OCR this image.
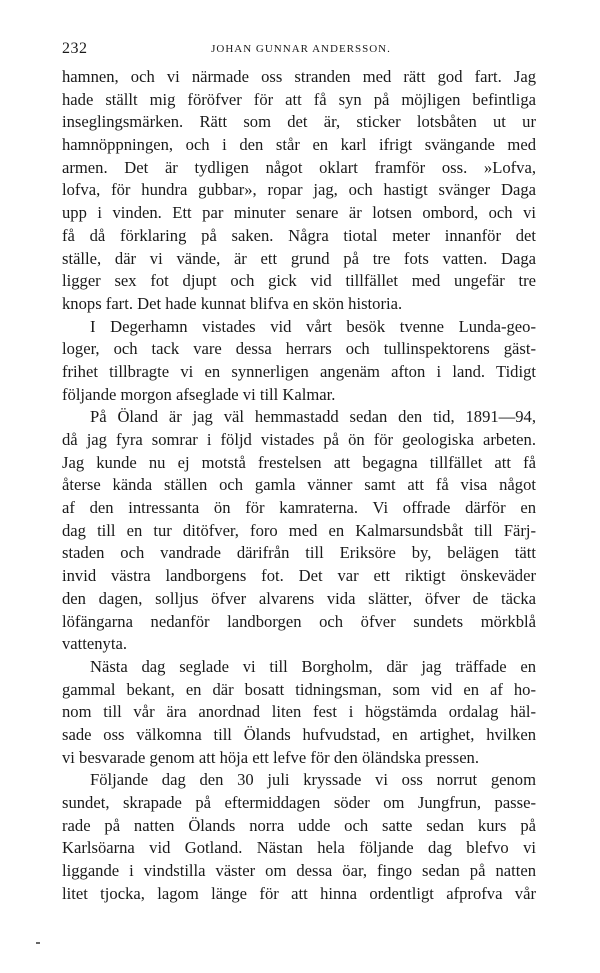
232	JOHAN GUNNAR ANDERSSON.
hamnen, och vi närmade oss stranden med rätt god fart. Jag
hade ställt mig föröfver för att få syn på möjligen befintliga
inseglingsmärken. Rätt som det är, sticker lotsbåten ut ur
hamnöppningen, och i den står en karl ifrigt svängande med
armen. Det är tydligen något oklart framför oss. »Lofva,
lofva, för hundra gubbar», ropar jag, och hastigt svänger Daga
upp i vinden. Ett par minuter senare är lotsen ombord, och vi
få då förklaring på saken. Några tiotal meter innanför det
ställe, där vi vände, är ett grund på tre fots vatten. Daga
ligger sex fot djupt och gick vid tillfället med ungefär tre
knops fart. Det hade kunnat blifva en skön historia.
I Degerhamn vistades vid vårt besök tvenne Lunda-geo-
loger, och tack vare dessa herrars och tullinspektorens gäst-
frihet tillbragte vi en synnerligen angenäm afton i land. Tidigt
följande morgon afseglade vi till Kalmar.
På Öland är jag väl hemmastadd sedan den tid, 1891—94,
då jag fyra somrar i följd vistades på ön för geologiska arbeten.
Jag kunde nu ej motstå frestelsen att begagna tillfället att få
återse kända ställen och gamla vänner samt att få visa något
af den intressanta ön för kamraterna. Vi offrade därför en
dag till en tur ditöfver, foro med en Kalmarsundsbåt till Färj-
staden och vandrade därifrån till Eriksöre by, belägen tätt
invid västra landborgens fot. Det var ett riktigt önskeväder
den dagen, solljus öfver alvarens vida slätter, öfver de täcka
löfängarna nedanför landborgen och öfver sundets mörkblå
vattenyta.
Nästa dag seglade vi till Borgholm, där jag träffade en
gammal bekant, en där bosatt tidningsman, som vid en af ho-
nom till vår ära anordnad liten fest i högstämda ordalag häl-
sade oss välkomna till Ölands hufvudstad, en artighet, hvilken
vi besvarade genom att höja ett lefve för den öländska pressen.
Följande dag den 30 juli kryssade vi oss norrut genom
sundet, skrapade på eftermiddagen söder om Jungfrun, passe-
rade på natten Ölands norra udde och satte sedan kurs på
Karlsöarna vid Gotland. Nästan hela följande dag blefvo vi
liggande i vindstilla väster om dessa öar, fingo sedan på natten
litet tjocka, lagom länge för att hinna ordentligt afprofva vår
